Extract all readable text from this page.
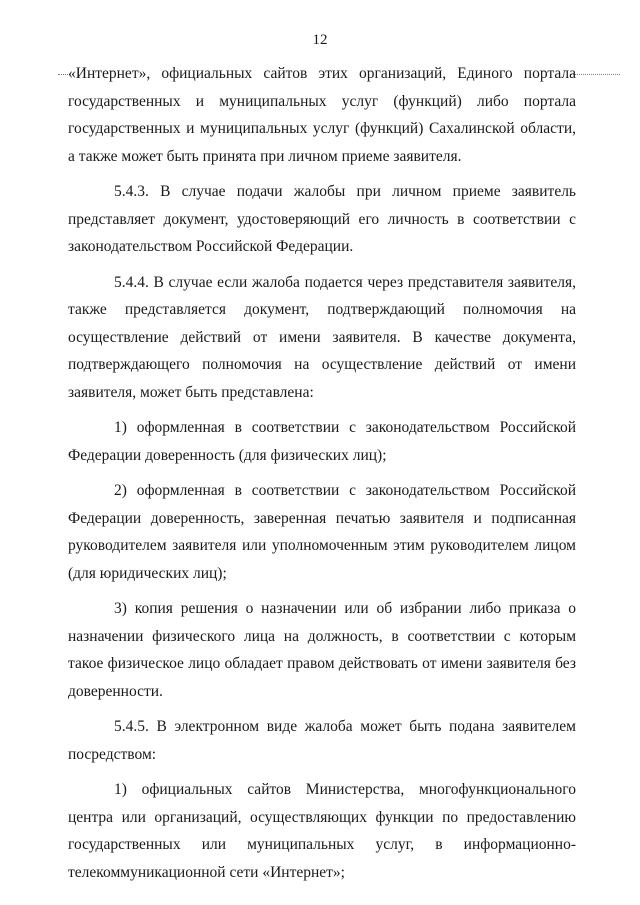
12

«Интернет», официальных сайтов этих организаций, Единого портала государственных и муниципальных услуг (функций) либо портала государственных и муниципальных услуг (функций) Сахалинской области, а также может быть принята при личном приеме заявителя.

5.4.3. В случае подачи жалобы при личном приеме заявитель представляет документ, удостоверяющий его личность в соответствии с законодательством Российской Федерации.

5.4.4. В случае если жалоба подается через представителя заявителя, также представляется документ, подтверждающий полномочия на осуществление действий от имени заявителя. В качестве документа, подтверждающего полномочия на осуществление действий от имени заявителя, может быть представлена:

1) оформленная в соответствии с законодательством Российской Федерации доверенность (для физических лиц);

2) оформленная в соответствии с законодательством Российской Федерации доверенность, заверенная печатью заявителя и подписанная руководителем заявителя или уполномоченным этим руководителем лицом (для юридических лиц);

3) копия решения о назначении или об избрании либо приказа о назначении физического лица на должность, в соответствии с которым такое физическое лицо обладает правом действовать от имени заявителя без доверенности.

5.4.5. В электронном виде жалоба может быть подана заявителем посредством:

1) официальных сайтов Министерства, многофункционального центра или организаций, осуществляющих функции по предоставлению государственных или муниципальных услуг, в информационно-телекоммуникационной сети «Интернет»;
